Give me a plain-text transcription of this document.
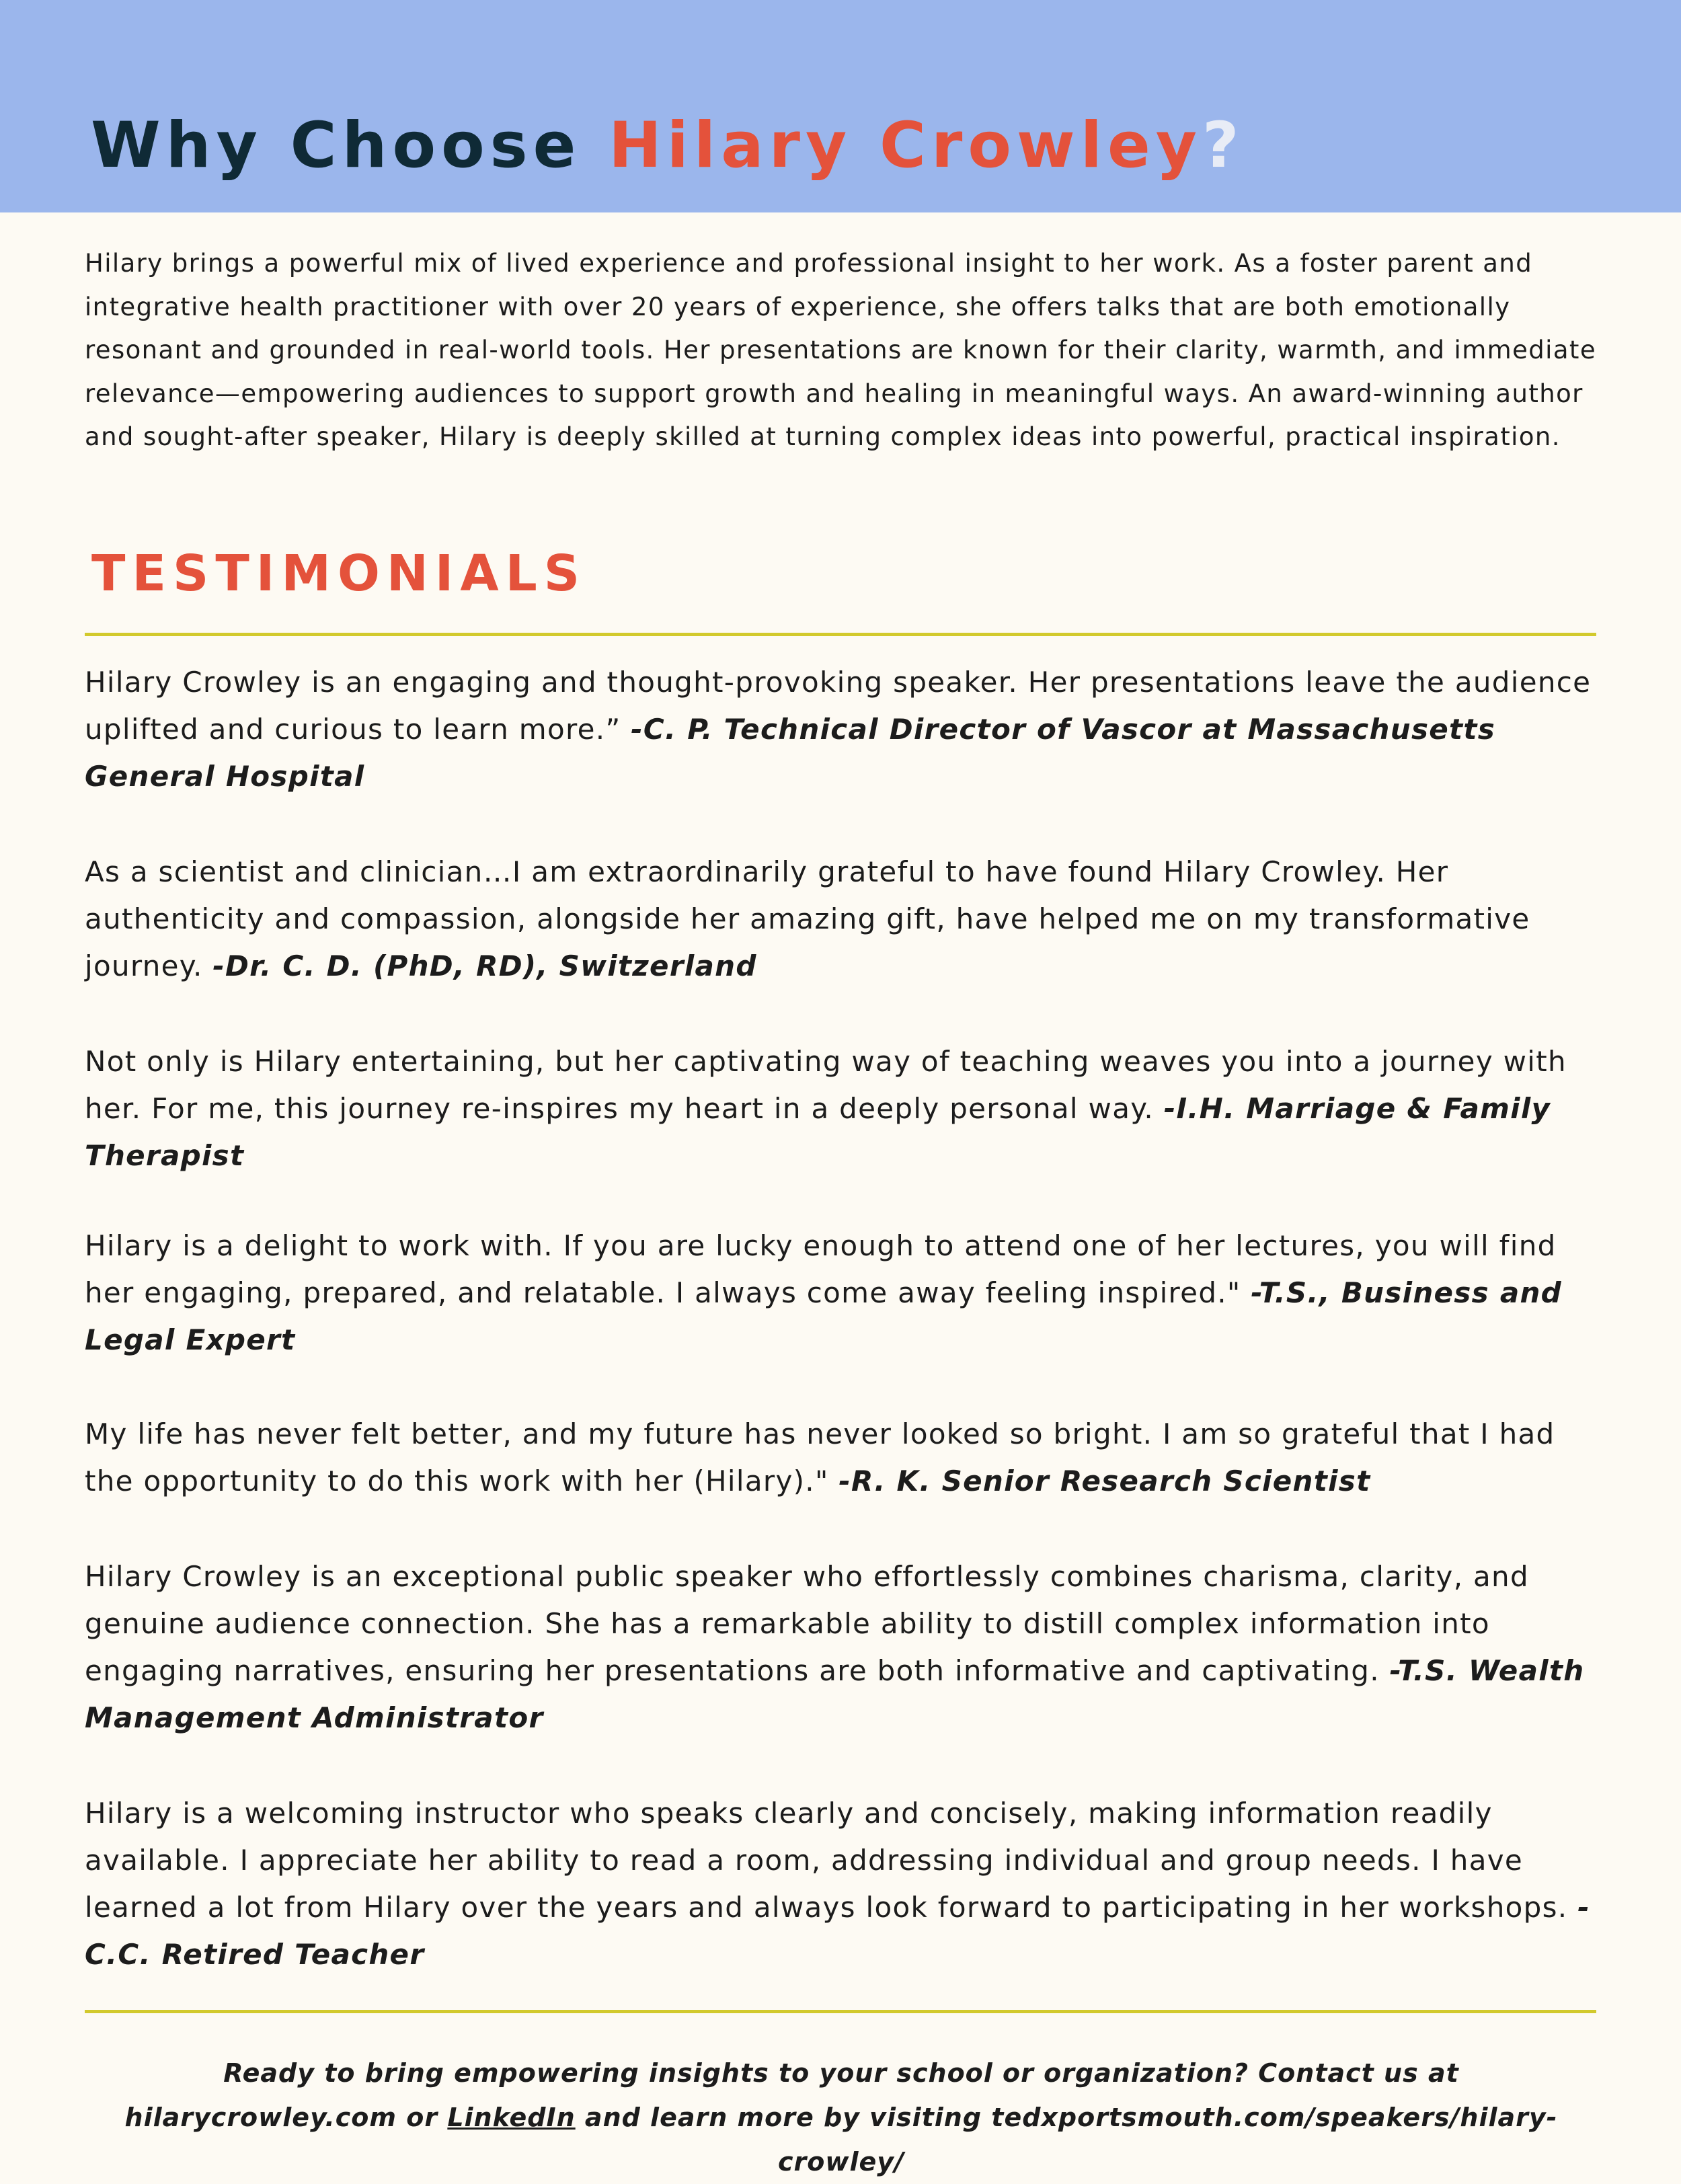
Why Choose Hilary Crowley?

Hilary brings a powerful mix of lived experience and professional insight to her work. As a foster parent and integrative health practitioner with over 20 years of experience, she offers talks that are both emotionally resonant and grounded in real-world tools. Her presentations are known for their clarity, warmth, and immediate relevance—empowering audiences to support growth and healing in meaningful ways. An award-winning author and sought-after speaker, Hilary is deeply skilled at turning complex ideas into powerful, practical inspiration.

TESTIMONIALS

Hilary Crowley is an engaging and thought-provoking speaker. Her presentations leave the audience uplifted and curious to learn more.” -C. P. Technical Director of Vascor at Massachusetts General Hospital

As a scientist and clinician…I am extraordinarily grateful to have found Hilary Crowley. Her authenticity and compassion, alongside her amazing gift, have helped me on my transformative journey. -Dr. C. D. (PhD, RD), Switzerland

Not only is Hilary entertaining, but her captivating way of teaching weaves you into a journey with her. For me, this journey re-inspires my heart in a deeply personal way. -I.H. Marriage & Family Therapist

Hilary is a delight to work with. If you are lucky enough to attend one of her lectures, you will find her engaging, prepared, and relatable. I always come away feeling inspired." -T.S., Business and Legal Expert

My life has never felt better, and my future has never looked so bright. I am so grateful that I had the opportunity to do this work with her (Hilary)." -R. K. Senior Research Scientist

Hilary Crowley is an exceptional public speaker who effortlessly combines charisma, clarity, and genuine audience connection. She has a remarkable ability to distill complex information into engaging narratives, ensuring her presentations are both informative and captivating. -T.S. Wealth Management Administrator

Hilary is a welcoming instructor who speaks clearly and concisely, making information readily available. I appreciate her ability to read a room, addressing individual and group needs. I have learned a lot from Hilary over the years and always look forward to participating in her workshops. -C.C. Retired Teacher

Ready to bring empowering insights to your school or organization? Contact us at hilarycrowley.com or LinkedIn and learn more by visiting tedxportsmouth.com/speakers/hilary-crowley/
